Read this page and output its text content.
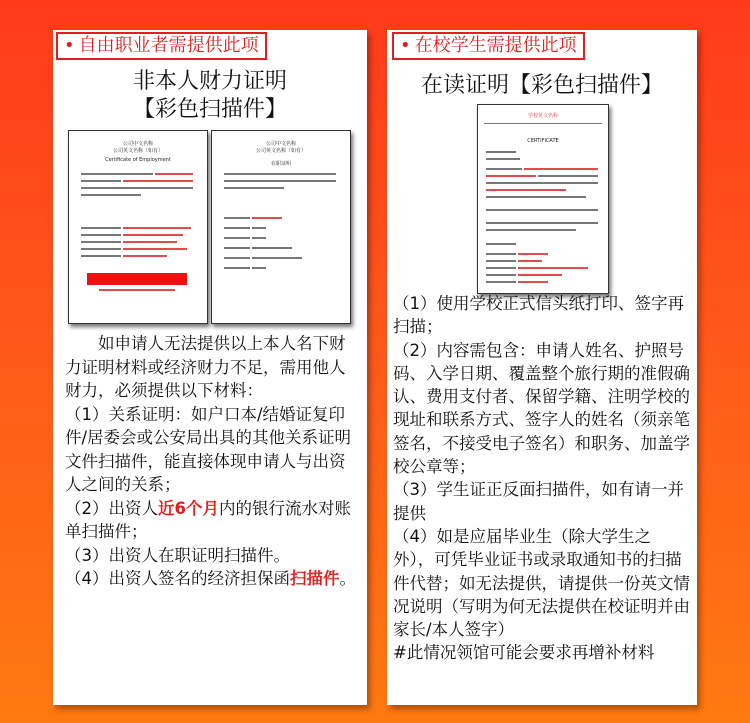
• 自由职业者需提供此项
非本人财力证明
【彩色扫描件】
公司中文名称
公司英文名称（如有）
Certificate of Employment
公司中文名称
公司英文名称（如有）
在职证明

如申请人无法提供以上本人名下财力证明材料或经济财力不足，需用他人财力，必须提供以下材料：

（1）关系证明：如户口本/结婚证复印件/居委会或公安局出具的其他关系证明文件扫描件，能直接体现申请人与出资人之间的关系；

（2）出资人近6个月内的银行流水对账单扫描件；

（3）出资人在职证明扫描件。

（4）出资人签名的经济担保函扫描件。

• 在校学生需提供此项
在读证明【彩色扫描件】
学校英文名称
CERTIFICATE

（1）使用学校正式信头纸打印、签字再扫描；

（2）内容需包含：申请人姓名、护照号码、入学日期、覆盖整个旅行期的准假确认、费用支付者、保留学籍、注明学校的现址和联系方式、签字人的姓名（须亲笔签名，不接受电子签名）和职务、加盖学校公章等；

（3）学生证正反面扫描件，如有请一并提供

（4）如是应届毕业生（除大学生之外），可凭毕业证书或录取通知书的扫描件代替；如无法提供，请提供一份英文情况说明（写明为何无法提供在校证明并由家长/本人签字）

#此情况领馆可能会要求再增补材料
